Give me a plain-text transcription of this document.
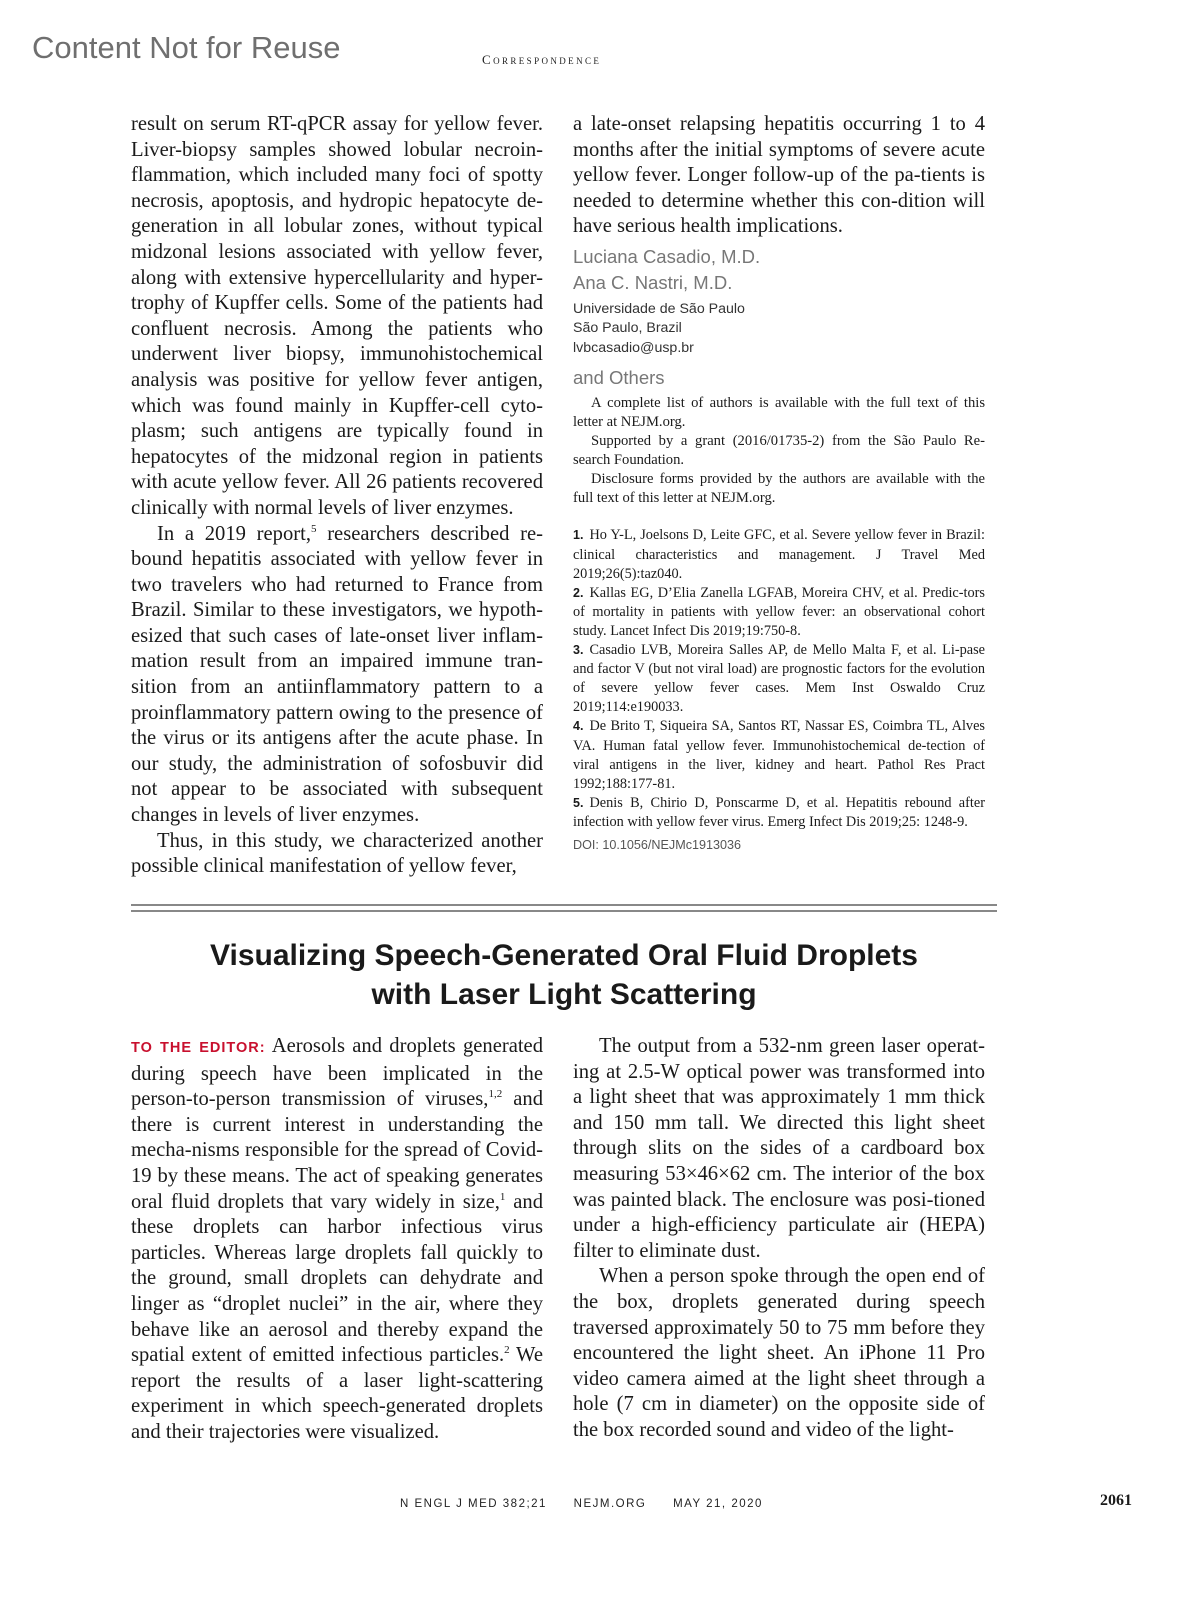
Content Not for Reuse	Correspondence

result on serum RT-qPCR assay for yellow fever. Liver-biopsy samples showed lobular necroin-flammation, which included many foci of spotty necrosis, apoptosis, and hydropic hepatocyte de-generation in all lobular zones, without typical midzonal lesions associated with yellow fever, along with extensive hypercellularity and hyper-trophy of Kupffer cells. Some of the patients had confluent necrosis. Among the patients who underwent liver biopsy, immunohistochemical analysis was positive for yellow fever antigen, which was found mainly in Kupffer-cell cyto-plasm; such antigens are typically found in hepatocytes of the midzonal region in patients with acute yellow fever. All 26 patients recovered clinically with normal levels of liver enzymes.

In a 2019 report,$^5$ researchers described re-bound hepatitis associated with yellow fever in two travelers who had returned to France from Brazil. Similar to these investigators, we hypoth-esized that such cases of late-onset liver inflam-mation result from an impaired immune tran-sition from an antiinflammatory pattern to a proinflammatory pattern owing to the presence of the virus or its antigens after the acute phase. In our study, the administration of sofosbuvir did not appear to be associated with subsequent changes in levels of liver enzymes.

Thus, in this study, we characterized another possible clinical manifestation of yellow fever,

a late-onset relapsing hepatitis occurring 1 to 4 months after the initial symptoms of severe acute yellow fever. Longer follow-up of the pa-tients is needed to determine whether this con-dition will have serious health implications.

Luciana Casadio, M.D.
Ana C. Nastri, M.D.
Universidade de São Paulo
São Paulo, Brazil
lvbcasadio@usp.br
and Others

A complete list of authors is available with the full text of this letter at NEJM.org.

Supported by a grant (2016/01735-2) from the São Paulo Re-search Foundation.

Disclosure forms provided by the authors are available with the full text of this letter at NEJM.org.

1. Ho Y-L, Joelsons D, Leite GFC, et al. Severe yellow fever in Brazil: clinical characteristics and management. J Travel Med 2019;26(5):taz040.

2. Kallas EG, D’Elia Zanella LGFAB, Moreira CHV, et al. Predic-tors of mortality in patients with yellow fever: an observational cohort study. Lancet Infect Dis 2019;19:750-8.

3. Casadio LVB, Moreira Salles AP, de Mello Malta F, et al. Li-pase and factor V (but not viral load) are prognostic factors for the evolution of severe yellow fever cases. Mem Inst Oswaldo Cruz 2019;114:e190033.

4. De Brito T, Siqueira SA, Santos RT, Nassar ES, Coimbra TL, Alves VA. Human fatal yellow fever. Immunohistochemical de-tection of viral antigens in the liver, kidney and heart. Pathol Res Pract 1992;188:177-81.

5. Denis B, Chirio D, Ponscarme D, et al. Hepatitis rebound after infection with yellow fever virus. Emerg Infect Dis 2019;25: 1248-9.

DOI: 10.1056/NEJMc1913036
Visualizing Speech-Generated Oral Fluid Droplets
with Laser Light Scattering

TO THE EDITOR: Aerosols and droplets generated during speech have been implicated in the person-to-person transmission of viruses,$^{1,2}$ and there is current interest in understanding the mecha-nisms responsible for the spread of Covid-19 by these means. The act of speaking generates oral fluid droplets that vary widely in size,$^1$ and these droplets can harbor infectious virus particles. Whereas large droplets fall quickly to the ground, small droplets can dehydrate and linger as “droplet nuclei” in the air, where they behave like an aerosol and thereby expand the spatial extent of emitted infectious particles.$^2$ We report the results of a laser light-scattering experiment in which speech-generated droplets and their trajectories were visualized.

The output from a 532-nm green laser operat-ing at 2.5-W optical power was transformed into a light sheet that was approximately 1 mm thick and 150 mm tall. We directed this light sheet through slits on the sides of a cardboard box measuring 53×46×62 cm. The interior of the box was painted black. The enclosure was posi-tioned under a high-efficiency particulate air (HEPA) filter to eliminate dust.

When a person spoke through the open end of the box, droplets generated during speech traversed approximately 50 to 75 mm before they encountered the light sheet. An iPhone 11 Pro video camera aimed at the light sheet through a hole (7 cm in diameter) on the opposite side of the box recorded sound and video of the light-

N ENGL J MED 382;21 NEJM.ORG MAY 21, 2020	2061
